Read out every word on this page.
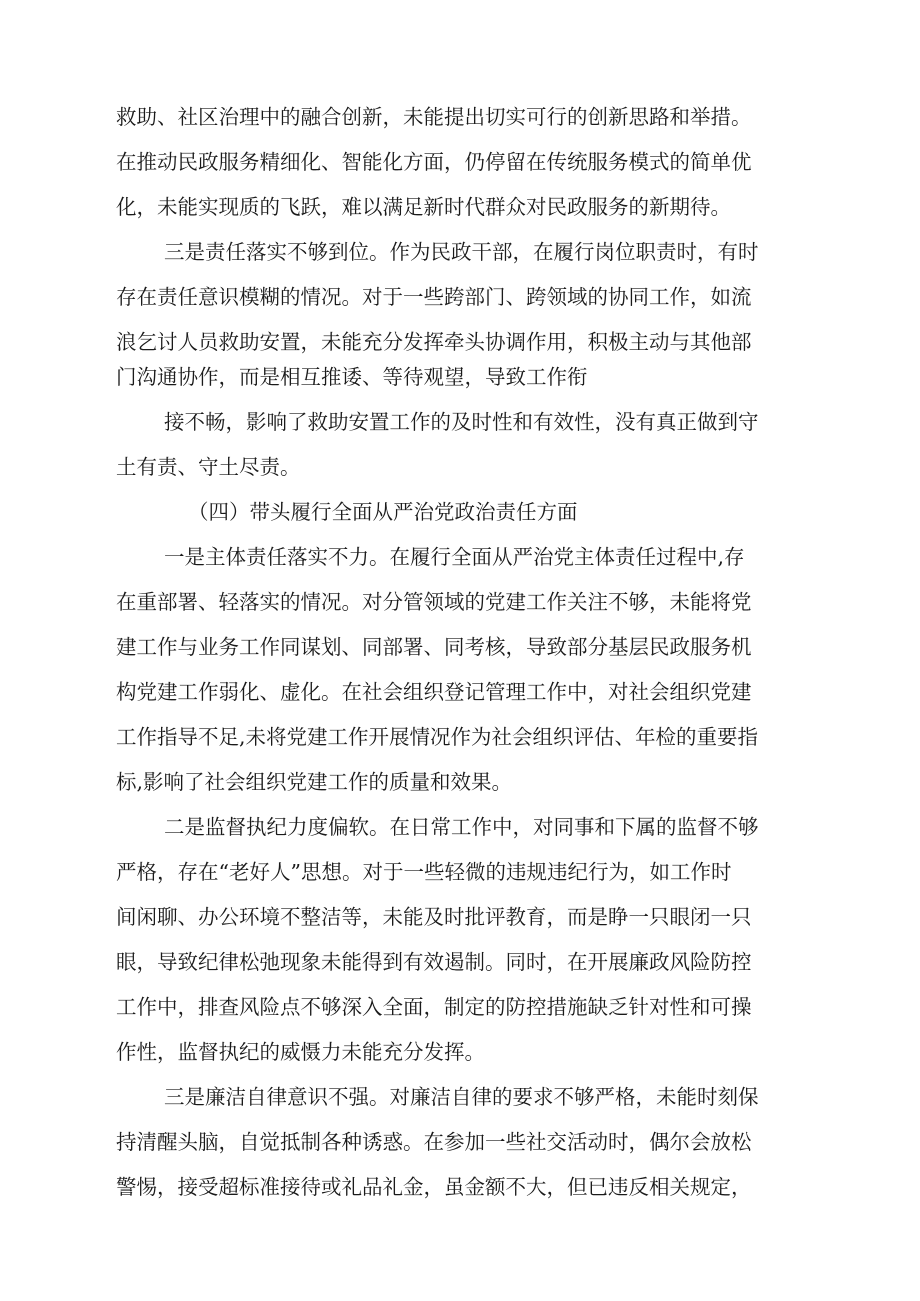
救助、社区治理中的融合创新，未能提出切实可行的创新思路和举措。
在推动民政服务精细化、智能化方面，仍停留在传统服务模式的简单优
化，未能实现质的飞跃，难以满足新时代群众对民政服务的新期待。
三是责任落实不够到位。作为民政干部，在履行岗位职责时，有时
存在责任意识模糊的情况。对于一些跨部门、跨领域的协同工作，如流
浪乞讨人员救助安置，未能充分发挥牵头协调作用，积极主动与其他部
门沟通协作，而是相互推诿、等待观望，导致工作衔
接不畅，影响了救助安置工作的及时性和有效性，没有真正做到守
土有责、守土尽责。
（四）带头履行全面从严治党政治责任方面
一是主体责任落实不力。在履行全面从严治党主体责任过程中,存
在重部署、轻落实的情况。对分管领域的党建工作关注不够，未能将党
建工作与业务工作同谋划、同部署、同考核，导致部分基层民政服务机
构党建工作弱化、虚化。在社会组织登记管理工作中，对社会组织党建
工作指导不足,未将党建工作开展情况作为社会组织评估、年检的重要指
标,影响了社会组织党建工作的质量和效果。
二是监督执纪力度偏软。在日常工作中，对同事和下属的监督不够
严格，存在“老好人”思想。对于一些轻微的违规违纪行为，如工作时
间闲聊、办公环境不整洁等，未能及时批评教育，而是睁一只眼闭一只
眼，导致纪律松弛现象未能得到有效遏制。同时，在开展廉政风险防控
工作中，排查风险点不够深入全面，制定的防控措施缺乏针对性和可操
作性，监督执纪的威慑力未能充分发挥。
三是廉洁自律意识不强。对廉洁自律的要求不够严格，未能时刻保
持清醒头脑，自觉抵制各种诱惑。在参加一些社交活动时，偶尔会放松
警惕，接受超标准接待或礼品礼金，虽金额不大，但已违反相关规定，
